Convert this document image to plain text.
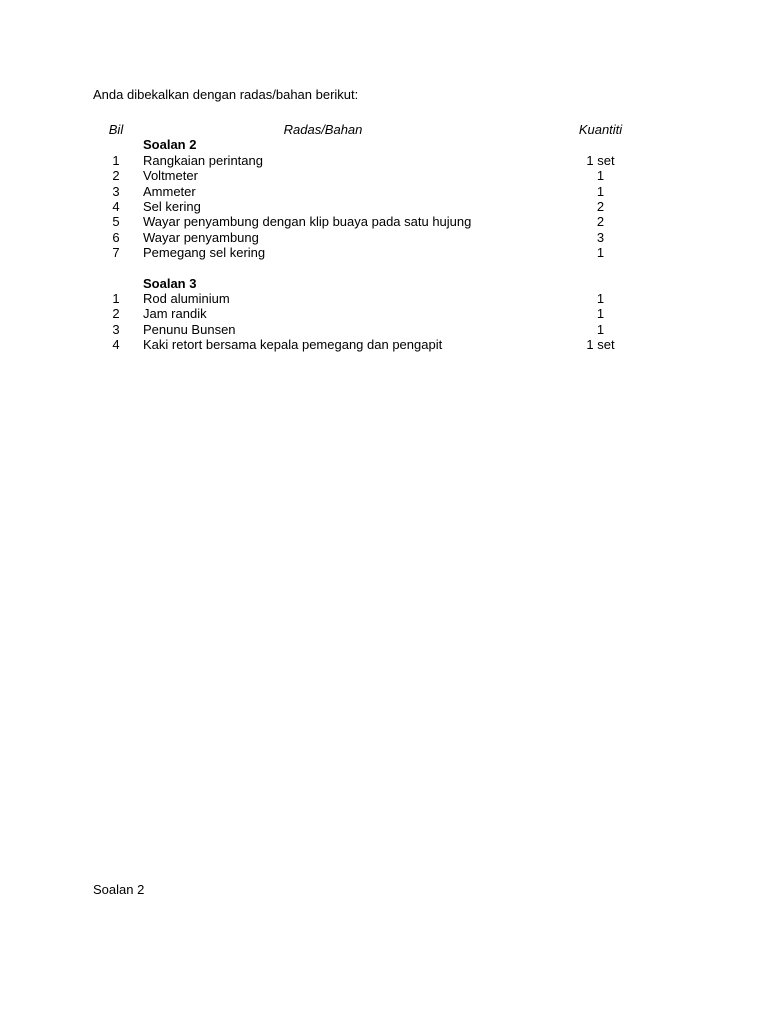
Anda dibekalkan dengan radas/bahan berikut:
Bil	Radas/Bahan	Kuantiti
Soalan 2
1	Rangkaian perintang	1 set
2	Voltmeter	1
3	Ammeter	1
4	Sel kering	2
5	Wayar penyambung dengan klip buaya pada satu hujung	2
6	Wayar penyambung	3
7	Pemegang sel kering	1
Soalan 3
1	Rod aluminium	1
2	Jam randik	1
3	Penunu Bunsen	1
4	Kaki retort bersama kepala pemegang dan pengapit	1 set
Soalan 2
